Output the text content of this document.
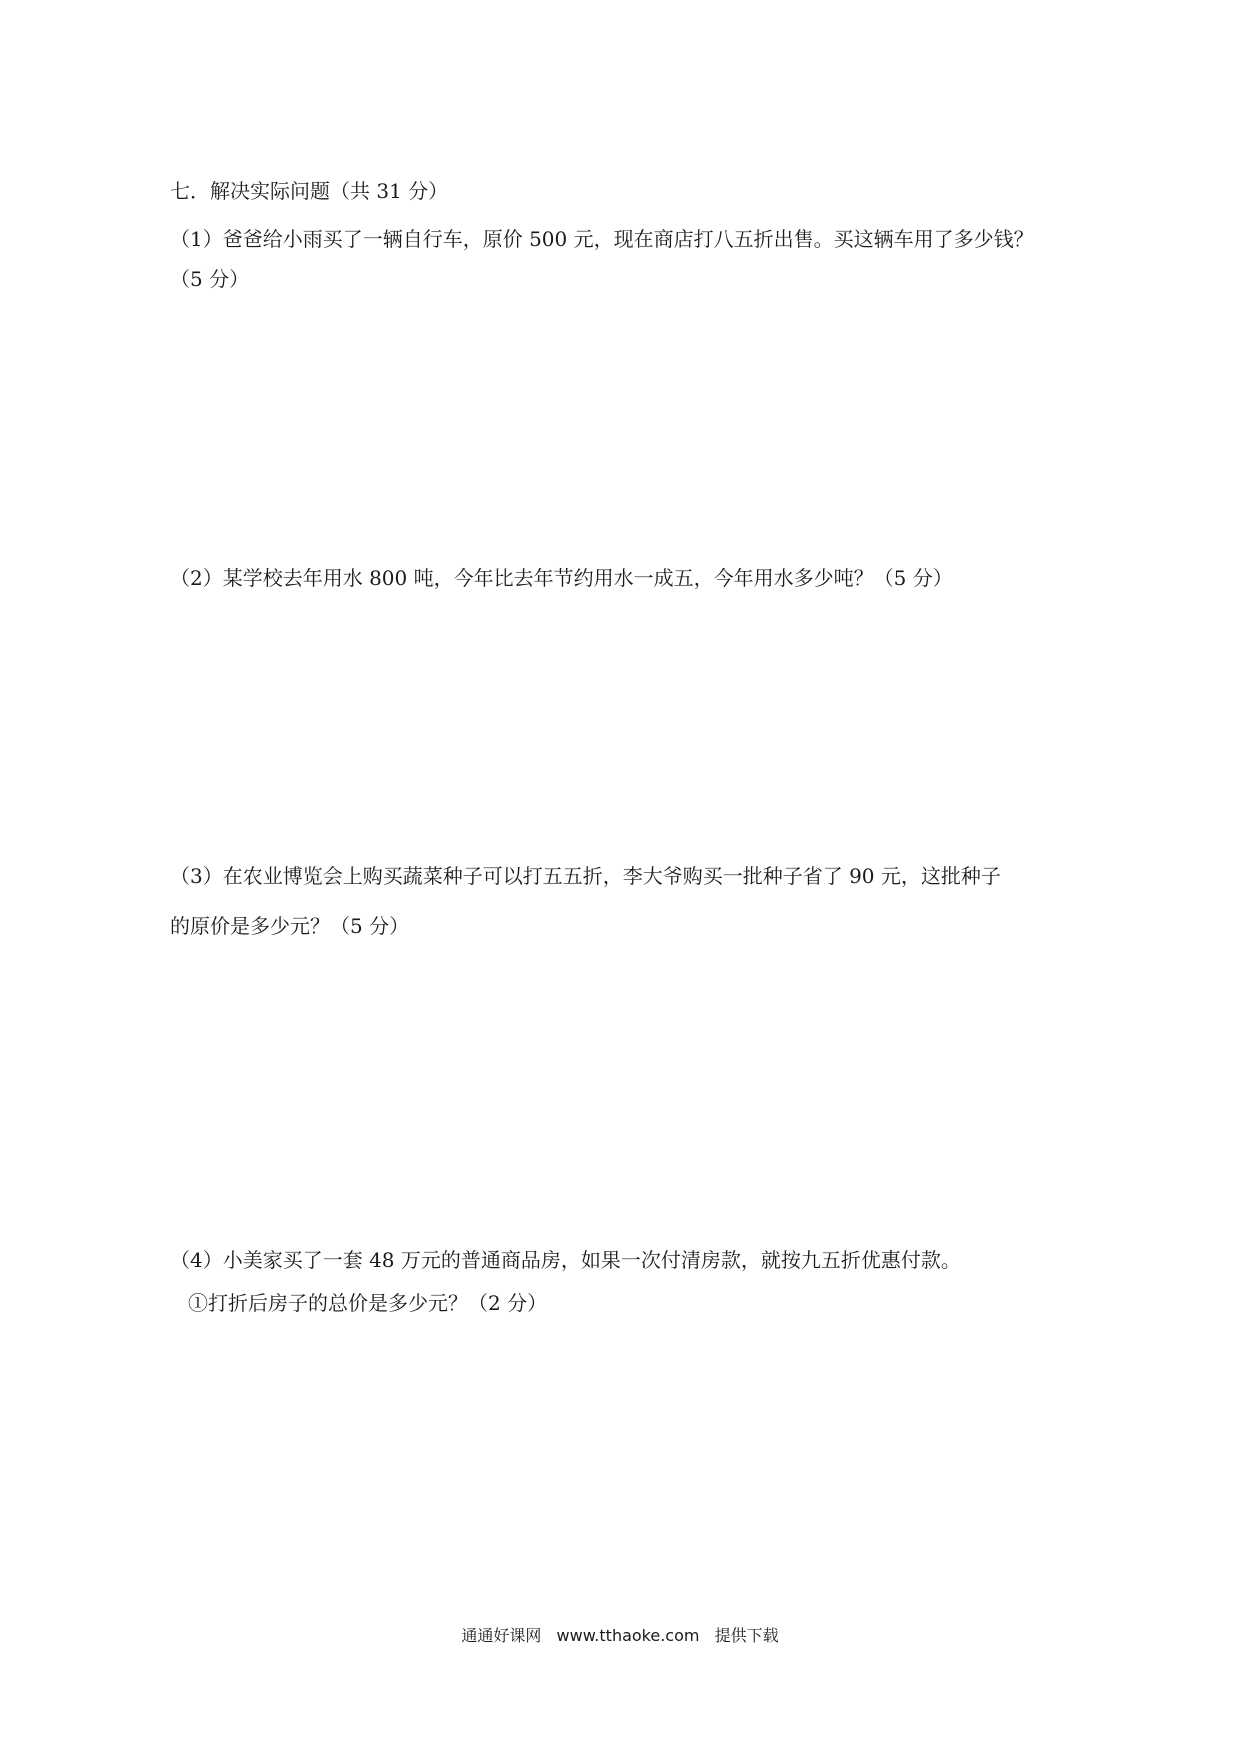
七．解决实际问题（共 31 分）
（1）爸爸给小雨买了一辆自行车，原价 500 元，现在商店打八五折出售。买这辆车用了多少钱？
（5 分）
（2）某学校去年用水 800 吨，今年比去年节约用水一成五，今年用水多少吨？（5 分）
（3）在农业博览会上购买蔬菜种子可以打五五折，李大爷购买一批种子省了 90 元，这批种子
的原价是多少元？（5 分）
（4）小美家买了一套 48 万元的普通商品房，如果一次付清房款，就按九五折优惠付款。
①打折后房子的总价是多少元？（2 分）
通通好课网 www.tthaoke.com 提供下载
